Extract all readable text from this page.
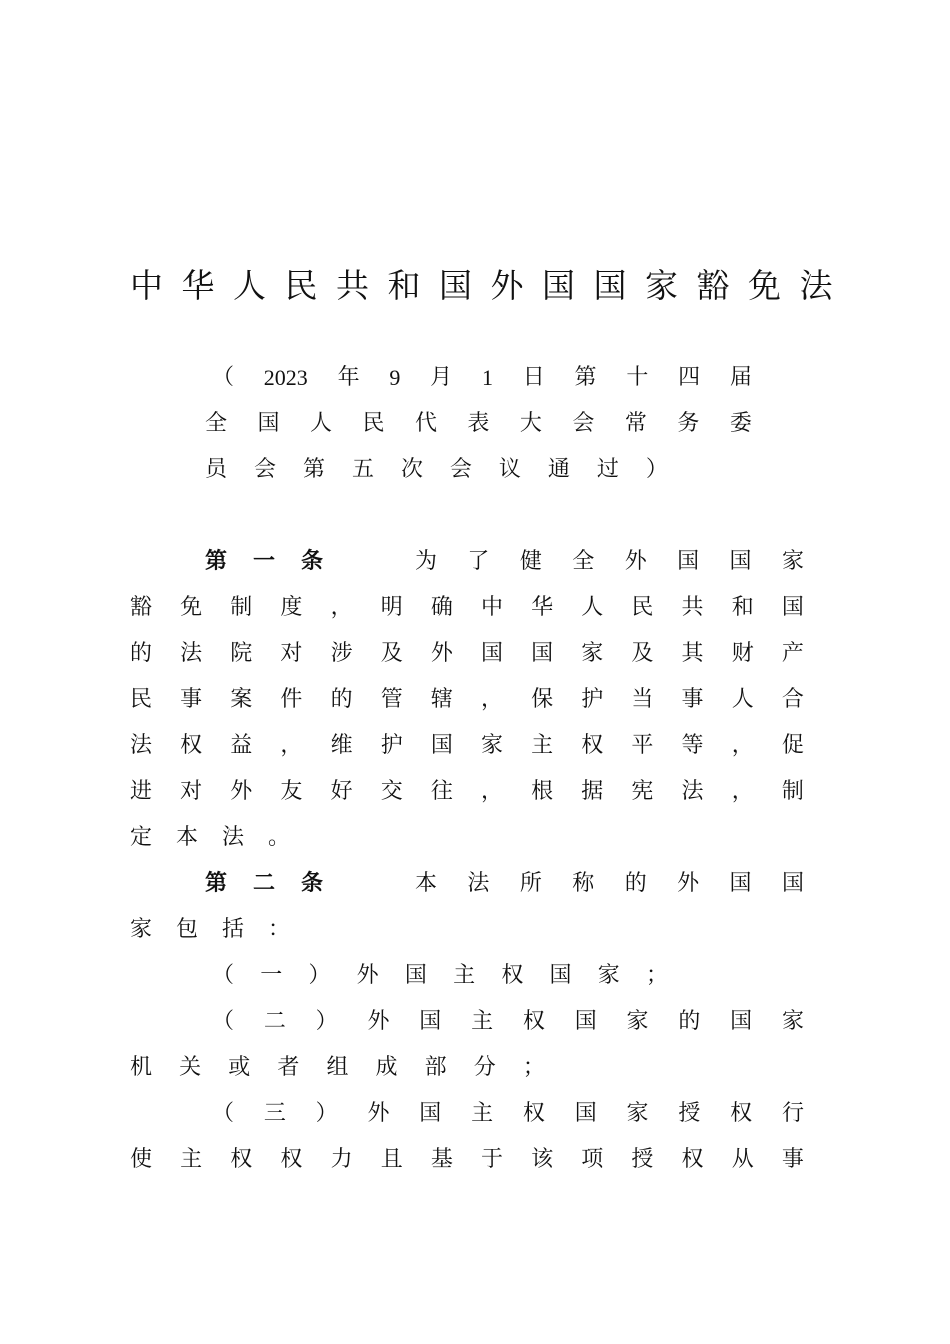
中华人民共和国外国国家豁免法
（ 2023 年 9 月 1 日 第 十 四 届
全 国 人 民 代 表 大 会 常 务 委
员 会 第 五 次 会 议 通 过 ）
第一条	为 了 健 全 外 国 国 家
豁 免 制 度 ， 明 确 中 华 人 民 共 和 国
的 法 院 对 涉 及 外 国 国 家 及 其 财 产
民 事 案 件 的 管 辖 ， 保 护 当 事 人 合
法 权 益 ， 维 护 国 家 主 权 平 等 ， 促
进 对 外 友 好 交 往 ， 根 据 宪 法 ， 制
定 本 法 。
第二条	本 法 所 称 的 外 国 国
家 包 括 ：
（ 一 ） 外 国 主 权 国 家 ；
（ 二 ） 外 国 主 权 国 家 的 国 家
机 关 或 者 组 成 部 分 ；
（ 三 ） 外 国 主 权 国 家 授 权 行
使 主 权 权 力 且 基 于 该 项 授 权 从 事
